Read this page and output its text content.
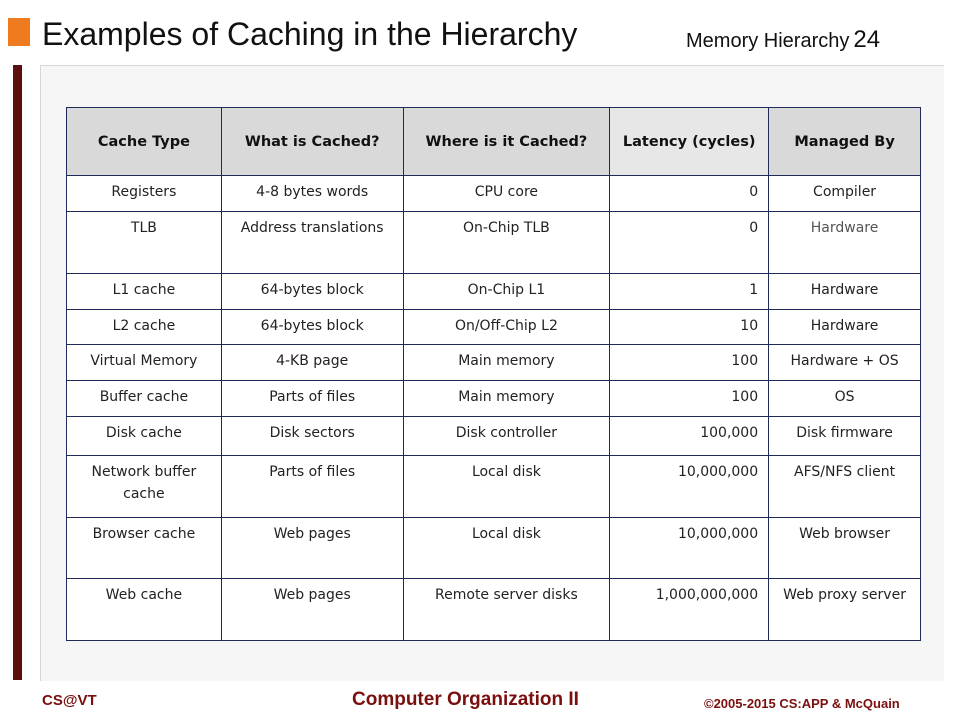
Examples of Caching in the Hierarchy	Memory Hierarchy 24
Cache Type	What is Cached?	Where is it Cached?	Latency (cycles)	Managed By
Registers	4-8 bytes words	CPU core	0	Compiler
TLB	Address translations	On-Chip TLB	0	Hardware
L1 cache	64-bytes block	On-Chip L1	1	Hardware
L2 cache	64-bytes block	On/Off-Chip L2	10	Hardware
Virtual Memory	4-KB page	Main memory	100	Hardware + OS
Buffer cache	Parts of files	Main memory	100	OS
Disk cache	Disk sectors	Disk controller	100,000	Disk firmware
Network buffer cache	Parts of files	Local disk	10,000,000	AFS/NFS client
Browser cache	Web pages	Local disk	10,000,000	Web browser
Web cache	Web pages	Remote server disks	1,000,000,000	Web proxy server
CS@VT	Computer Organization II	©2005-2015 CS:APP & McQuain
